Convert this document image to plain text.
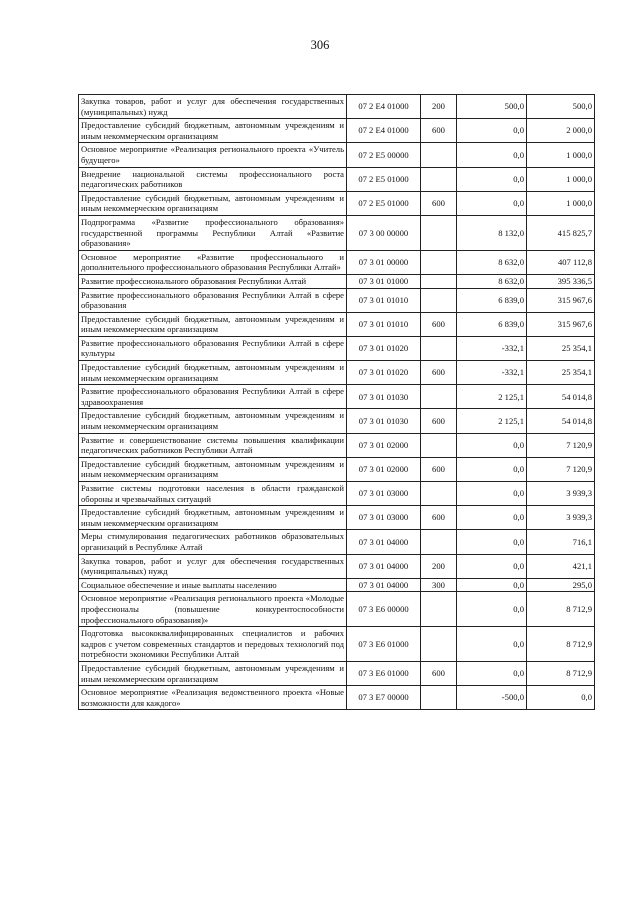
306
Закупка товаров, работ и услуг для обеспечения государственных (муниципальных) нужд	07 2 E4 01000	200	500,0	500,0
Предоставление субсидий бюджетным, автономным учреждениям и иным некоммерческим организациям	07 2 E4 01000	600	0,0	2 000,0
Основное мероприятие «Реализация регионального проекта «Учитель будущего»	07 2 E5 00000		0,0	1 000,0
Внедрение национальной системы профессионального роста педагогических работников	07 2 E5 01000		0,0	1 000,0
Предоставление субсидий бюджетным, автономным учреждениям и иным некоммерческим организациям	07 2 E5 01000	600	0,0	1 000,0
Подпрограмма «Развитие профессионального образования» государственной программы Республики Алтай «Развитие образования»	07 3 00 00000		8 132,0	415 825,7
Основное мероприятие «Развитие профессионального и дополнительного профессионального образования Республики Алтай»	07 3 01 00000		8 632,0	407 112,8
Развитие профессионального образования Республики Алтай	07 3 01 01000		8 632,0	395 336,5
Развитие профессионального образования Республики Алтай в сфере образования	07 3 01 01010		6 839,0	315 967,6
Предоставление субсидий бюджетным, автономным учреждениям и иным некоммерческим организациям	07 3 01 01010	600	6 839,0	315 967,6
Развитие профессионального образования Республики Алтай в сфере культуры	07 3 01 01020		-332,1	25 354,1
Предоставление субсидий бюджетным, автономным учреждениям и иным некоммерческим организациям	07 3 01 01020	600	-332,1	25 354,1
Развитие профессионального образования Республики Алтай в сфере здравоохранения	07 3 01 01030		2 125,1	54 014,8
Предоставление субсидий бюджетным, автономным учреждениям и иным некоммерческим организациям	07 3 01 01030	600	2 125,1	54 014,8
Развитие и совершенствование системы повышения квалификации педагогических работников Республики Алтай	07 3 01 02000		0,0	7 120,9
Предоставление субсидий бюджетным, автономным учреждениям и иным некоммерческим организациям	07 3 01 02000	600	0,0	7 120,9
Развитие системы подготовки населения в области гражданской обороны и чрезвычайных ситуаций	07 3 01 03000		0,0	3 939,3
Предоставление субсидий бюджетным, автономным учреждениям и иным некоммерческим организациям	07 3 01 03000	600	0,0	3 939,3
Меры стимулирования педагогических работников образовательных организаций в Республике Алтай	07 3 01 04000		0,0	716,1
Закупка товаров, работ и услуг для обеспечения государственных (муниципальных) нужд	07 3 01 04000	200	0,0	421,1
Социальное обеспечение и иные выплаты населению	07 3 01 04000	300	0,0	295,0
Основное мероприятие «Реализация регионального проекта «Молодые профессионалы (повышение конкурентоспособности профессионального образования)»	07 3 E6 00000		0,0	8 712,9
Подготовка высококвалифицированных специалистов и рабочих кадров с учетом современных стандартов и передовых технологий под потребности экономики Республики Алтай	07 3 E6 01000		0,0	8 712,9
Предоставление субсидий бюджетным, автономным учреждениям и иным некоммерческим организациям	07 3 E6 01000	600	0,0	8 712,9
Основное мероприятие «Реализация ведомственного проекта «Новые возможности для каждого»	07 3 E7 00000		-500,0	0,0
